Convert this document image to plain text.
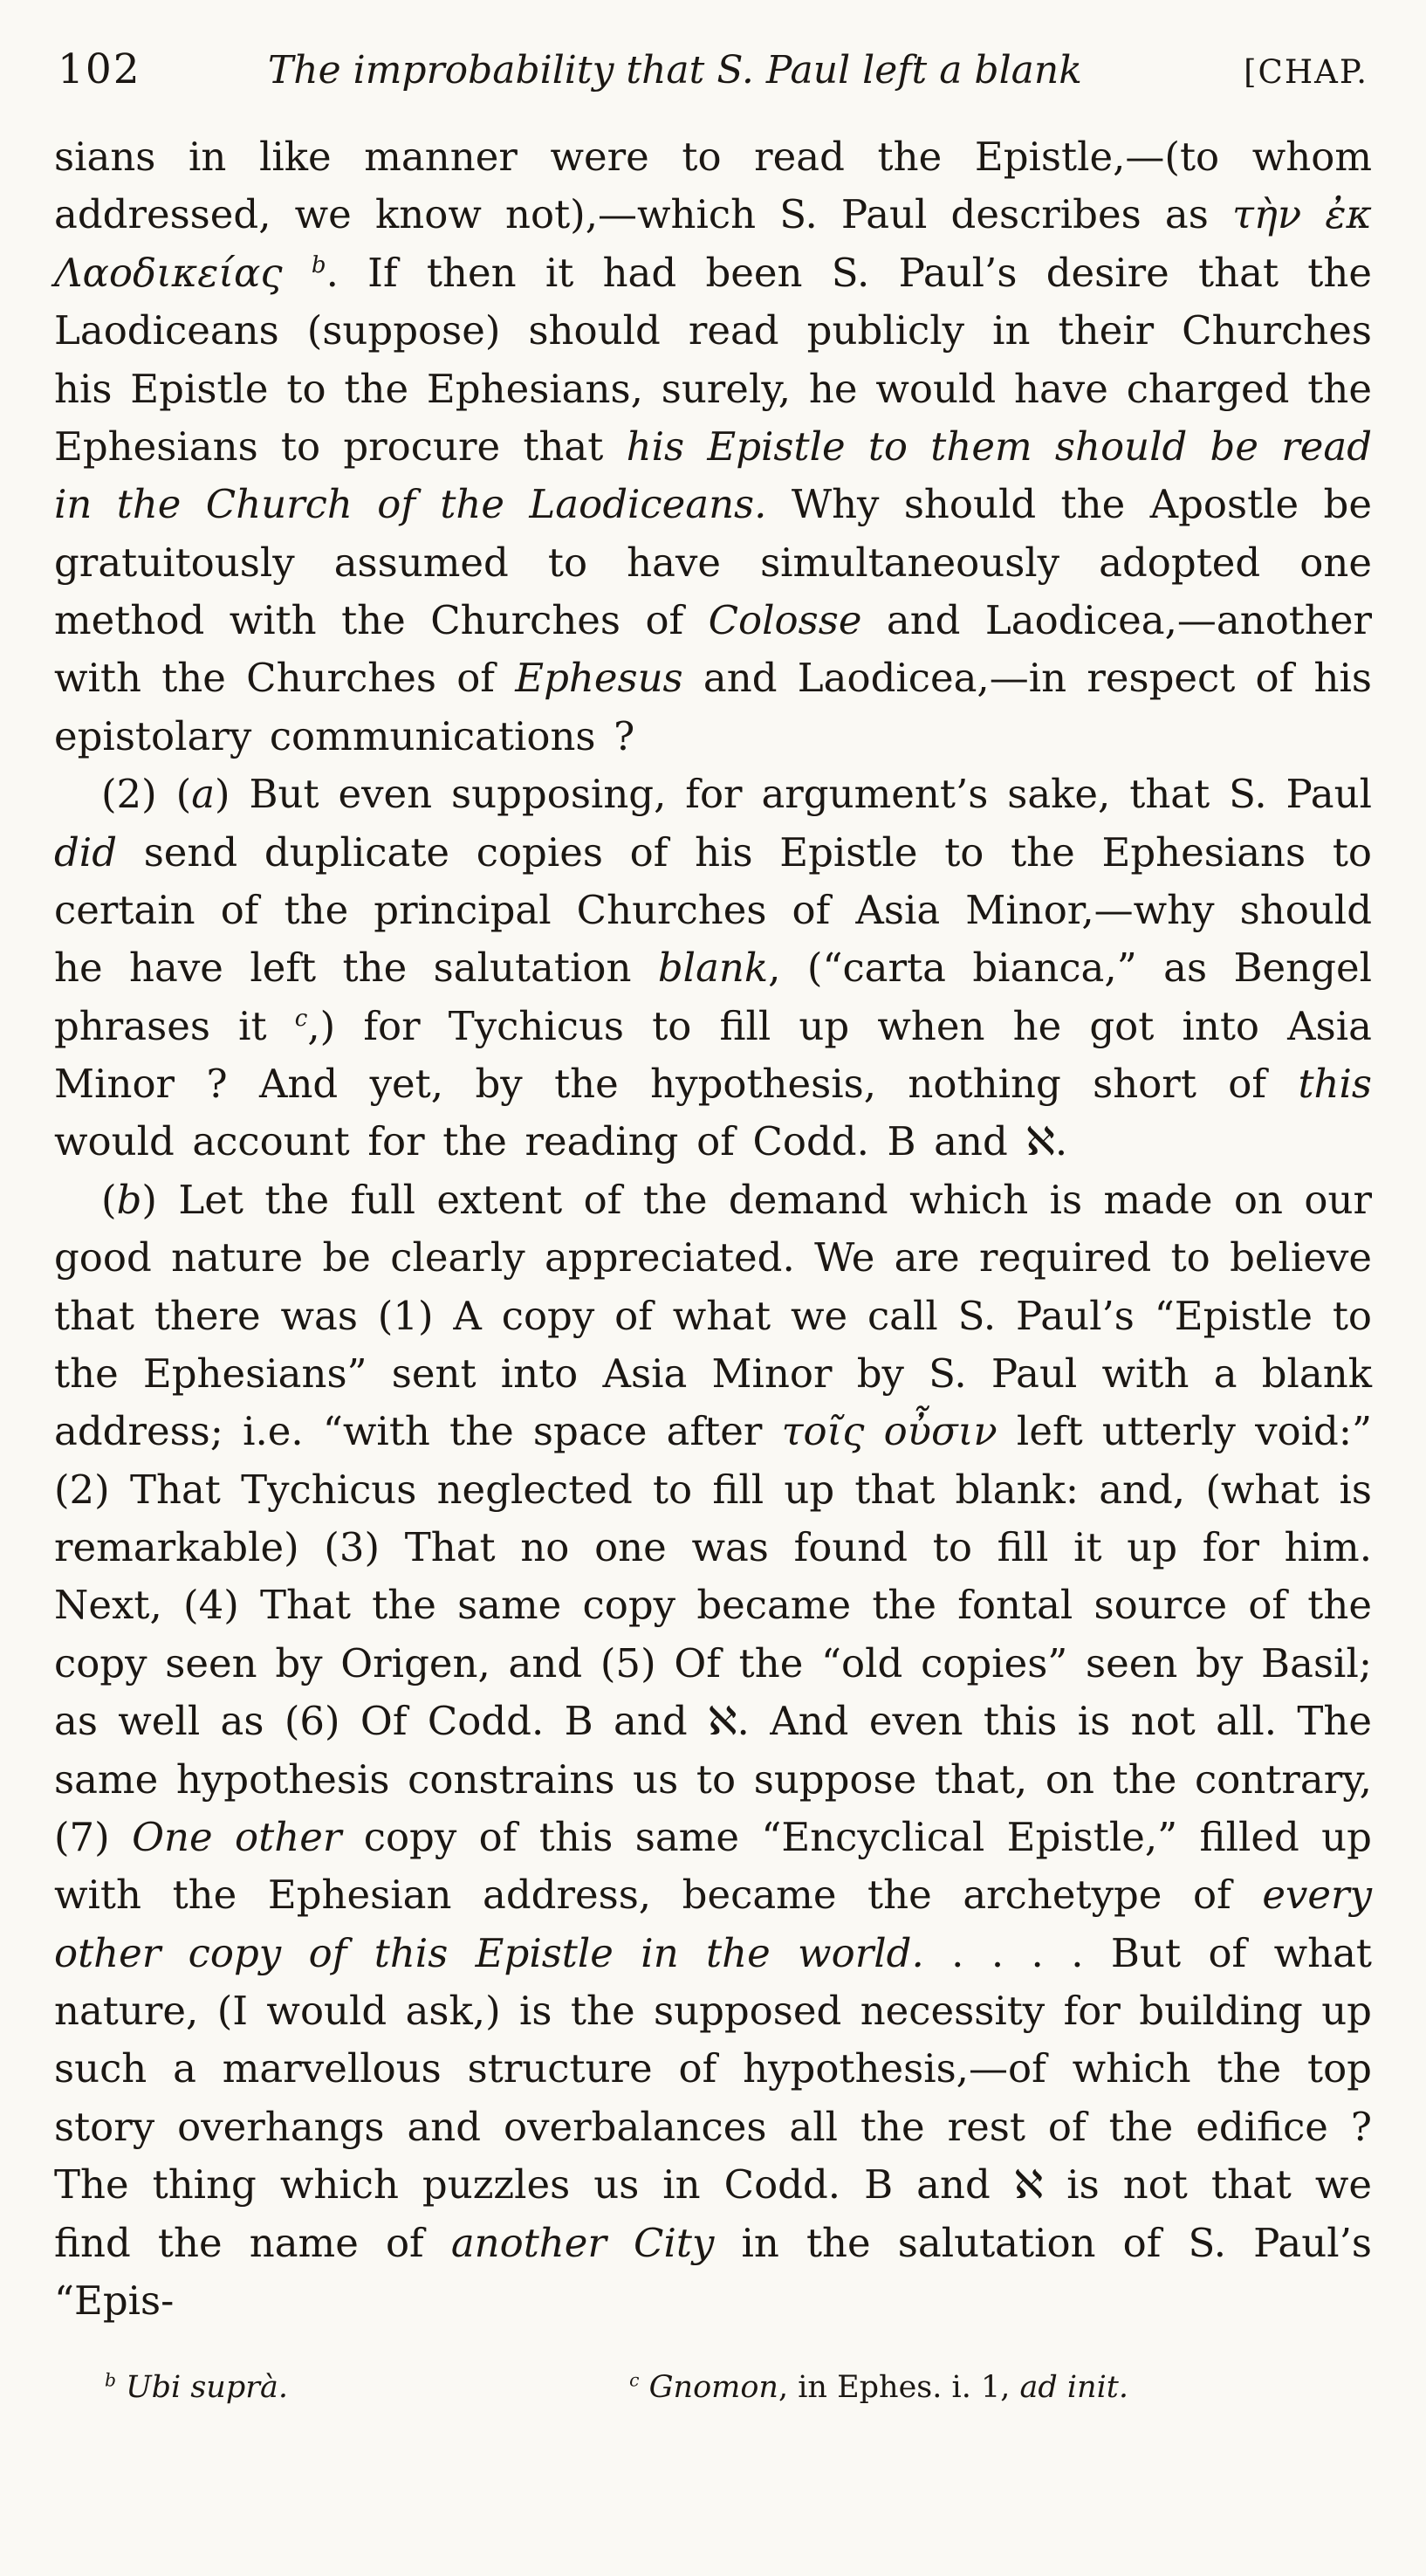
102	The improbability that S. Paul left a blank	[CHAP.

sians in like manner were to read the Epistle,—(to whom addressed, we know not),—which S. Paul describes as τὴν ἐκ Λαοδικείας $^b$. If then it had been S. Paul’s desire that the Laodiceans (suppose) should read publicly in their Churches his Epistle to the Ephesians, surely, he would have charged the Ephesians to procure that his Epistle to them should be read in the Church of the Laodiceans. Why should the Apostle be gratuitously assumed to have simultaneously adopted one method with the Churches of Colosse and Laodicea,—another with the Churches of Ephesus and Laodicea,—in respect of his epistolary communications ?

(2) (a) But even supposing, for argument’s sake, that S. Paul did send duplicate copies of his Epistle to the Ephesians to certain of the principal Churches of Asia Minor,—why should he have left the salutation blank, (“carta bianca,” as Bengel phrases it $^c$,) for Tychicus to fill up when he got into Asia Minor ? And yet, by the hypothesis, nothing short of this would account for the reading of Codd. B and ℵ.

(b) Let the full extent of the demand which is made on our good nature be clearly appreciated. We are required to believe that there was (1) A copy of what we call S. Paul’s “Epistle to the Ephesians” sent into Asia Minor by S. Paul with a blank address; i.e. “with the space after τοῖς οὖσιν left utterly void:” (2) That Tychicus neglected to fill up that blank: and, (what is remarkable) (3) That no one was found to fill it up for him. Next, (4) That the same copy became the fontal source of the copy seen by Origen, and (5) Of the “old copies” seen by Basil; as well as (6) Of Codd. B and ℵ. And even this is not all. The same hypothesis constrains us to suppose that, on the contrary, (7) One other copy of this same “Encyclical Epistle,” filled up with the Ephesian address, became the archetype of every other copy of this Epistle in the world. . . . . But of what nature, (I would ask,) is the supposed necessity for building up such a marvellous structure of hypothesis,—of which the top story overhangs and overbalances all the rest of the edifice ? The thing which puzzles us in Codd. B and ℵ is not that we find the name of another City in the salutation of S. Paul’s “Epis-

$^b$ Ubi suprà.	$^c$ Gnomon, in Ephes. i. 1, ad init.
